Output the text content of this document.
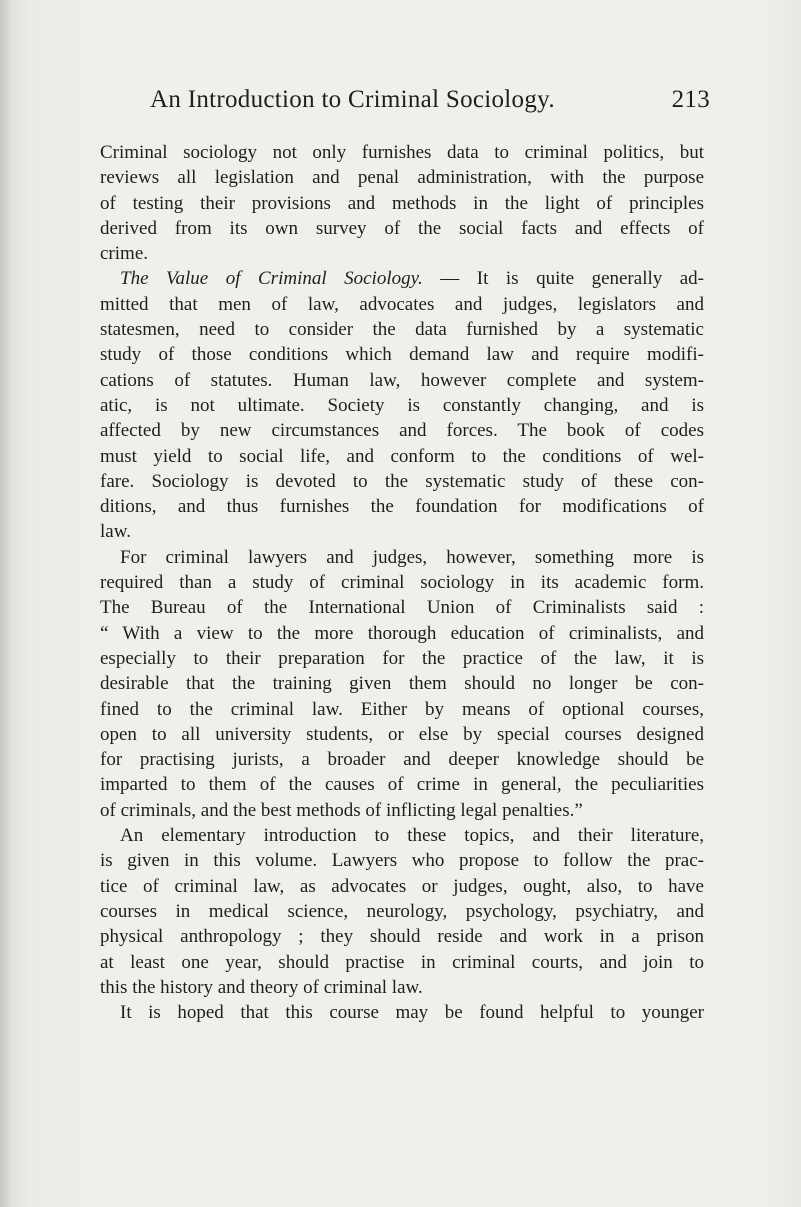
An Introduction to Criminal Sociology.	213
Criminal sociology not only furnishes data to criminal politics, but
reviews all legislation and penal administration, with the purpose
of testing their provisions and methods in the light of principles
derived from its own survey of the social facts and effects of
crime.
The Value of Criminal Sociology. — It is quite generally ad-
mitted that men of law, advocates and judges, legislators and
statesmen, need to consider the data furnished by a systematic
study of those conditions which demand law and require modifi-
cations of statutes. Human law, however complete and system-
atic, is not ultimate. Society is constantly changing, and is
affected by new circumstances and forces. The book of codes
must yield to social life, and conform to the conditions of wel-
fare. Sociology is devoted to the systematic study of these con-
ditions, and thus furnishes the foundation for modifications of
law.
For criminal lawyers and judges, however, something more is
required than a study of criminal sociology in its academic form.
The Bureau of the International Union of Criminalists said :
“ With a view to the more thorough education of criminalists, and
especially to their preparation for the practice of the law, it is
desirable that the training given them should no longer be con-
fined to the criminal law. Either by means of optional courses,
open to all university students, or else by special courses designed
for practising jurists, a broader and deeper knowledge should be
imparted to them of the causes of crime in general, the peculiarities
of criminals, and the best methods of inflicting legal penalties.”
An elementary introduction to these topics, and their literature,
is given in this volume. Lawyers who propose to follow the prac-
tice of criminal law, as advocates or judges, ought, also, to have
courses in medical science, neurology, psychology, psychiatry, and
physical anthropology ; they should reside and work in a prison
at least one year, should practise in criminal courts, and join to
this the history and theory of criminal law.
It is hoped that this course may be found helpful to younger
